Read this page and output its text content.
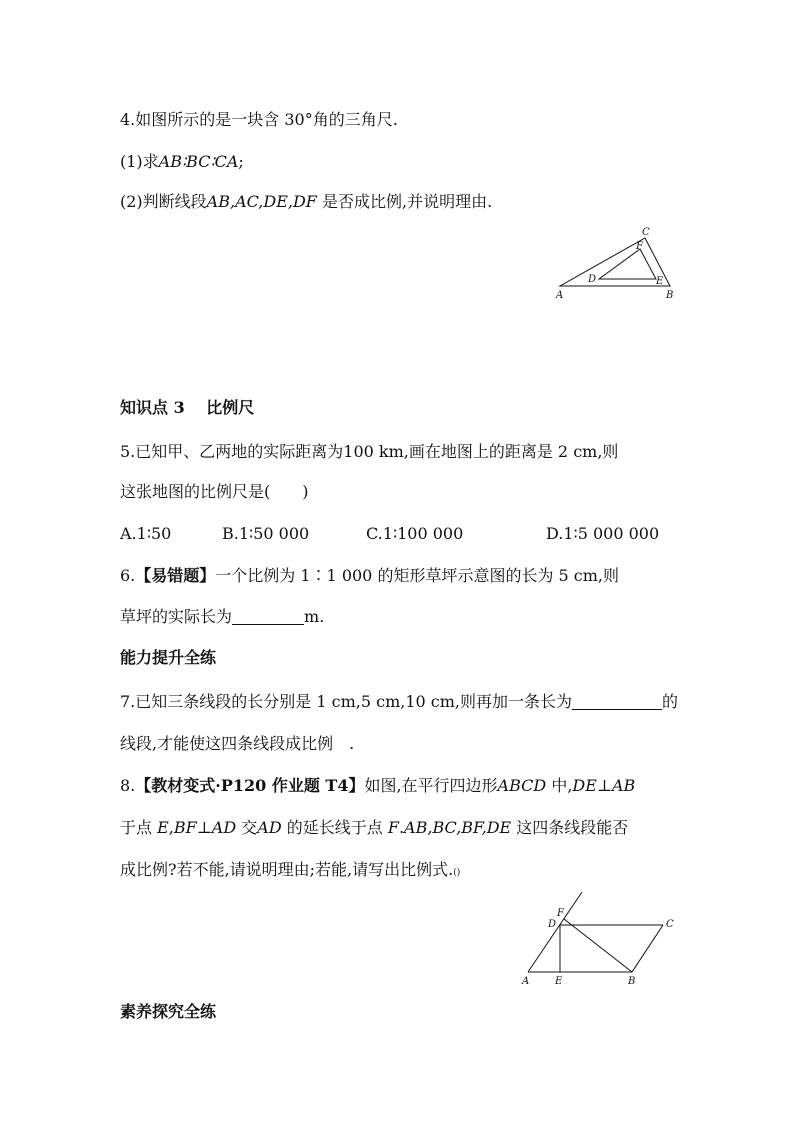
4.如图所示的是一块含 30°角的三角尺.
(1)求AB∶BC∶CA;
(2)判断线段AB,AC,DE,DF 是否成比例,并说明理由.
A	B
C
D	E
F
知识点 3　 比例尺
5.已知甲、乙两地的实际距离为100 km,画在地图上的距离是 2 cm,则
这张地图的比例尺是(　　)
A.1∶50	B.1∶50 000	C.1∶100 000	D.1∶5 000 000
6.【易错题】一个比例为 1∶1 000 的矩形草坪示意图的长为 5 cm,则
草坪的实际长为	m.
能力提升全练
7.已知三条线段的长分别是 1 cm,5 cm,10 cm,则再加一条长为	的
线段,才能使这四条线段成比例　.
8.【教材变式·P120 作业题 T4】如图,在平行四边形ABCD 中,DE⊥AB
于点 E,BF⊥AD 交AD 的延长线于点 F.AB,BC,BF,DE 这四条线段能否
成比例?若不能,请说明理由;若能,请写出比例式.()
A	E	B
C
D
F
素养探究全练
